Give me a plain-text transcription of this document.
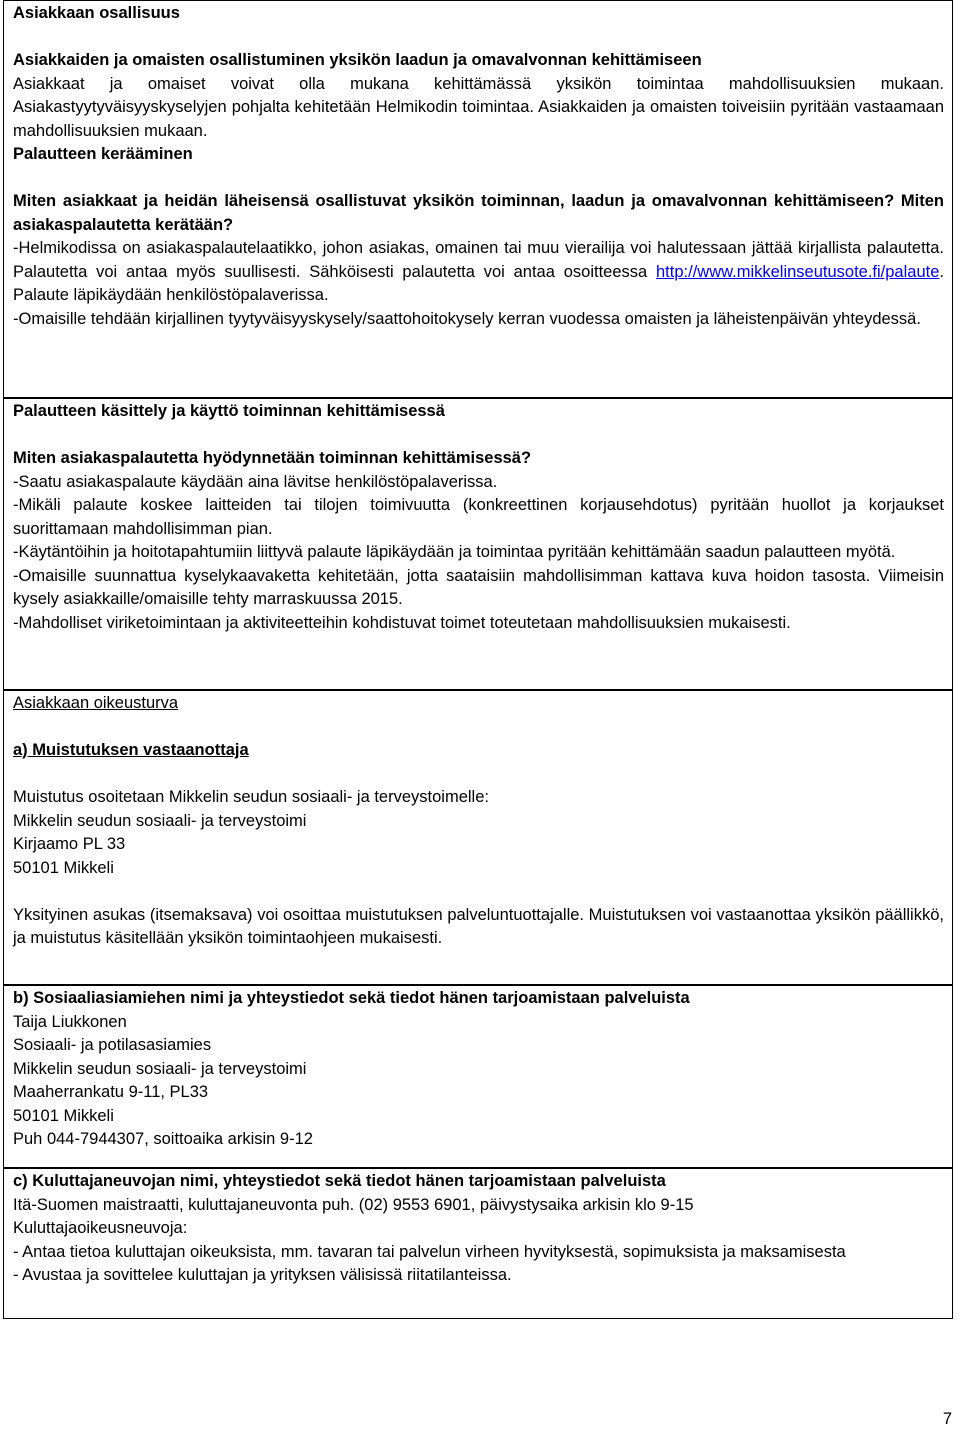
Asiakkaan osallisuus

Asiakkaiden ja omaisten osallistuminen yksikön laadun ja omavalvonnan kehittämiseen

Asiakkaat ja omaiset voivat olla mukana kehittämässä yksikön toimintaa mahdollisuuksien mukaan. Asiakastyytyväisyyskyselyjen pohjalta kehitetään Helmikodin toimintaa. Asiakkaiden ja omaisten toiveisiin pyritään vastaamaan mahdollisuuksien mukaan.

Palautteen kerääminen

Miten asiakkaat ja heidän läheisensä osallistuvat yksikön toiminnan, laadun ja omavalvonnan kehittämiseen? Miten asiakaspalautetta kerätään?

-Helmikodissa on asiakaspalautelaatikko, johon asiakas, omainen tai muu vierailija voi halutessaan jättää kirjallista palautetta. Palautetta voi antaa myös suullisesti. Sähköisesti palautetta voi antaa osoitteessa http://www.mikkelinseutusote.fi/palaute. Palaute läpikäydään henkilöstöpalaverissa.

-Omaisille tehdään kirjallinen tyytyväisyyskysely/saattohoitokysely kerran vuodessa omaisten ja läheistenpäivän yhteydessä.

Palautteen käsittely ja käyttö toiminnan kehittämisessä

Miten asiakaspalautetta hyödynnetään toiminnan kehittämisessä?

-Saatu asiakaspalaute käydään aina lävitse henkilöstöpalaverissa.

-Mikäli palaute koskee laitteiden tai tilojen toimivuutta (konkreettinen korjausehdotus) pyritään huollot ja korjaukset suorittamaan mahdollisimman pian.

-Käytäntöihin ja hoitotapahtumiin liittyvä palaute läpikäydään ja toimintaa pyritään kehittämään saadun palautteen myötä.

-Omaisille suunnattua kyselykaavaketta kehitetään, jotta saataisiin mahdollisimman kattava kuva hoidon tasosta. Viimeisin kysely asiakkaille/omaisille tehty marraskuussa 2015.

-Mahdolliset viriketoimintaan ja aktiviteetteihin kohdistuvat toimet toteutetaan mahdollisuuksien mukaisesti.

Asiakkaan oikeusturva

a) Muistutuksen vastaanottaja

Muistutus osoitetaan Mikkelin seudun sosiaali- ja terveystoimelle:

Mikkelin seudun sosiaali- ja terveystoimi

Kirjaamo PL 33

50101 Mikkeli

Yksityinen asukas (itsemaksava) voi osoittaa muistutuksen palveluntuottajalle. Muistutuksen voi vastaanottaa yksikön päällikkö, ja muistutus käsitellään yksikön toimintaohjeen mukaisesti.

b) Sosiaaliasiamiehen nimi ja yhteystiedot sekä tiedot hänen tarjoamistaan palveluista

Taija Liukkonen

Sosiaali- ja potilasasiamies

Mikkelin seudun sosiaali- ja terveystoimi

Maaherrankatu 9-11, PL33

50101 Mikkeli

Puh 044-7944307, soittoaika arkisin 9-12

c) Kuluttajaneuvojan nimi, yhteystiedot sekä tiedot hänen tarjoamistaan palveluista

Itä-Suomen maistraatti, kuluttajaneuvonta puh. (02) 9553 6901, päivystysaika arkisin klo 9-15

Kuluttajaoikeusneuvoja:

- Antaa tietoa kuluttajan oikeuksista, mm. tavaran tai palvelun virheen hyvityksestä, sopimuksista ja maksamisesta

- Avustaa ja sovittelee kuluttajan ja yrityksen välisissä riitatilanteissa.

7
